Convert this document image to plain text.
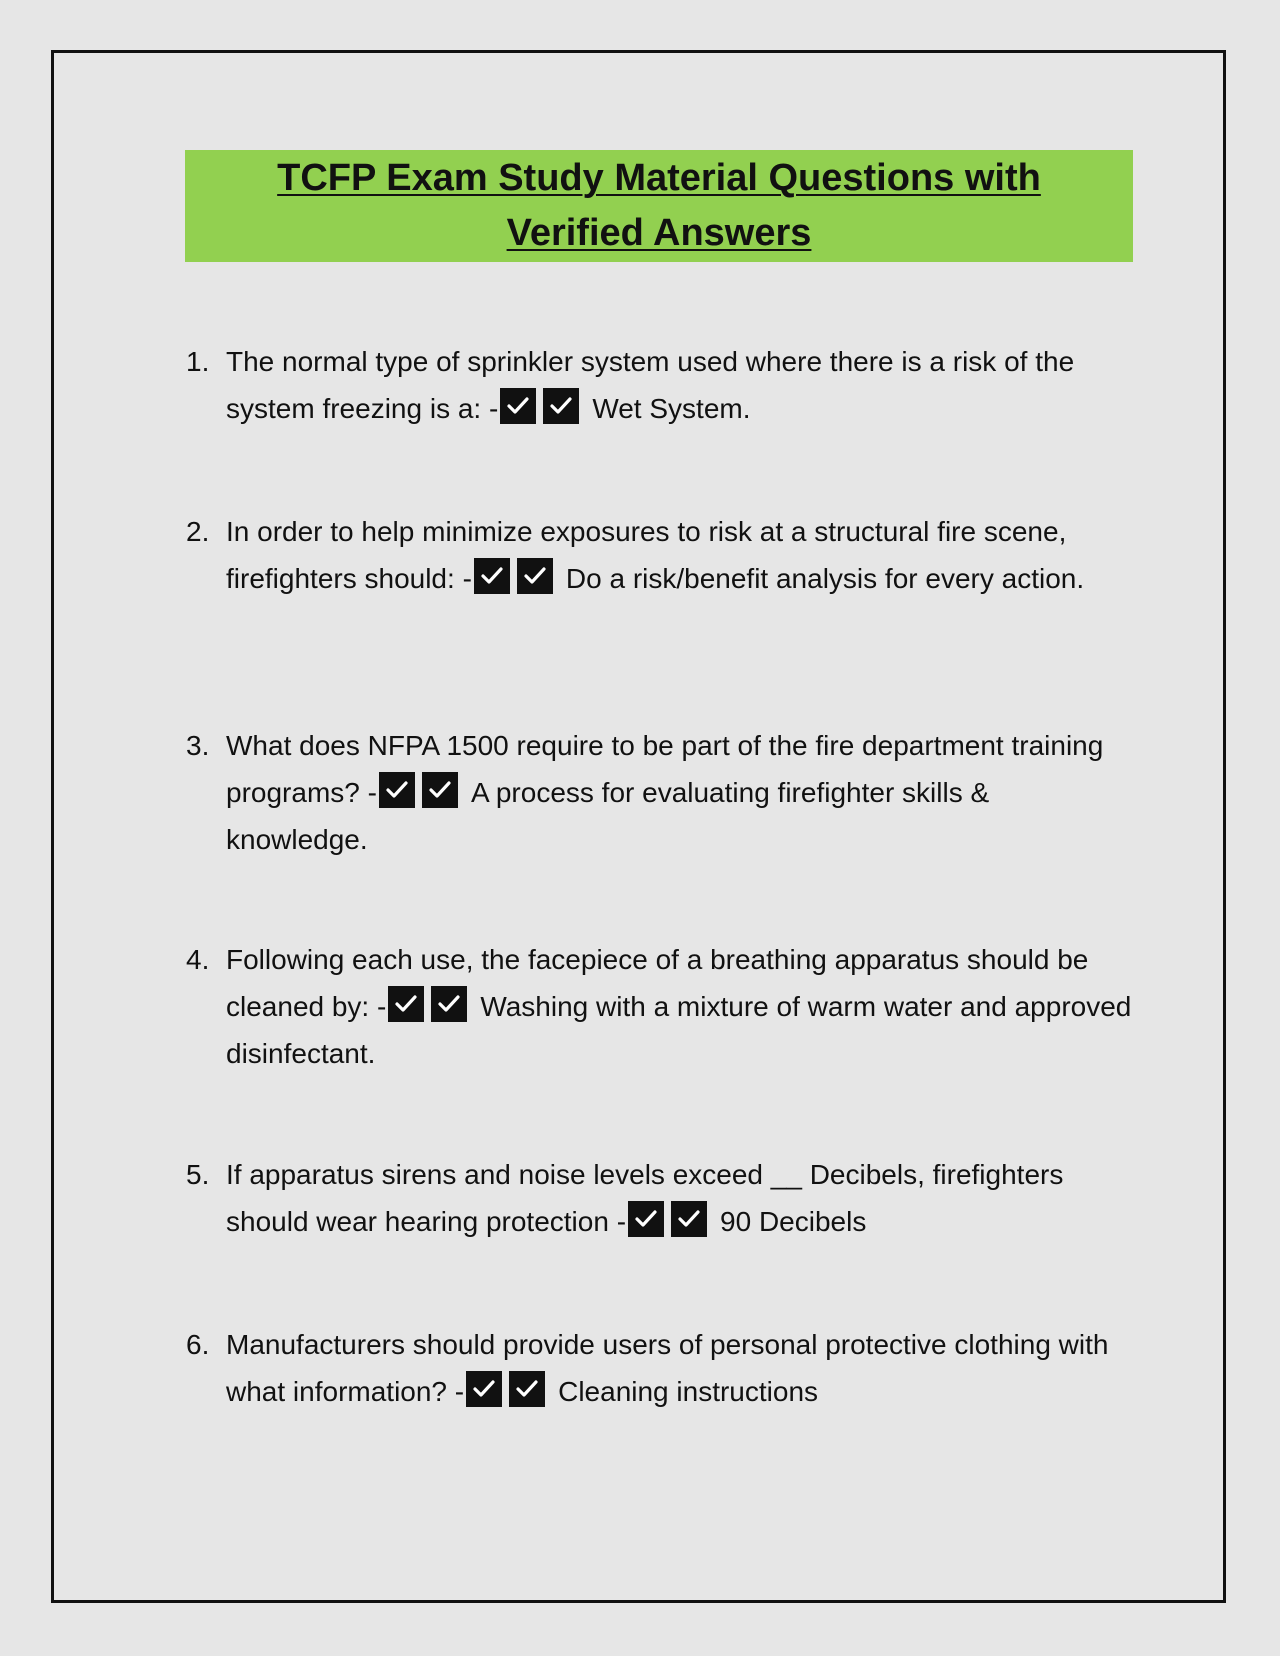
TCFP Exam Study Material Questions with Verified Answers
1. The normal type of sprinkler system used where there is a risk of the system freezing is a: -	Wet System.
2. In order to help minimize exposures to risk at a structural fire scene, firefighters should: -	Do a risk/benefit analysis for every action.
3. What does NFPA 1500 require to be part of the fire department training programs? -	A process for evaluating firefighter skills & knowledge.
4. Following each use, the facepiece of a breathing apparatus should be cleaned by: -	Washing with a mixture of warm water and approved disinfectant.
5. If apparatus sirens and noise levels exceed __ Decibels, firefighters should wear hearing protection -	90 Decibels
6. Manufacturers should provide users of personal protective clothing with what information? -	Cleaning instructions
